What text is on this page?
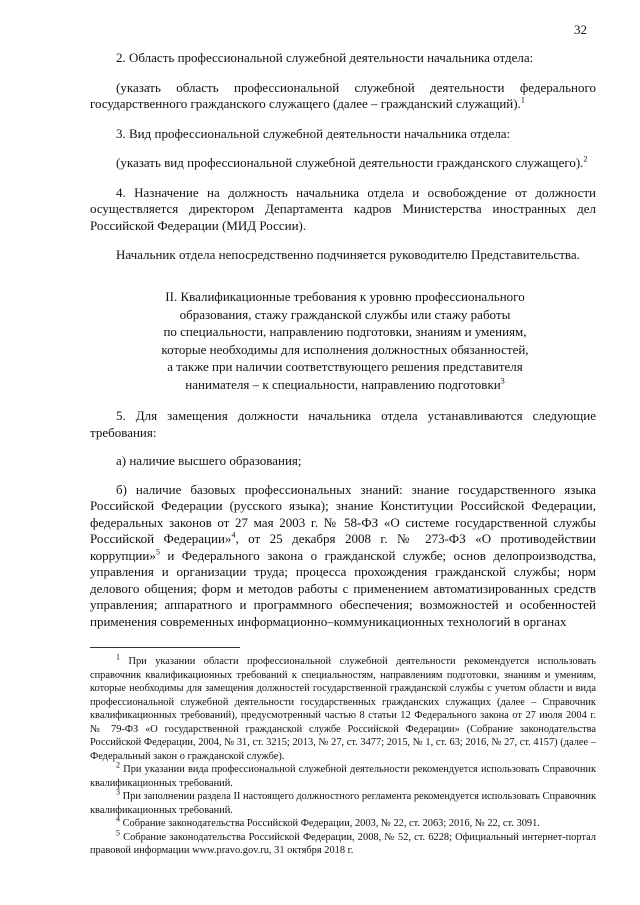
32

2. Область профессиональной служебной деятельности начальника отдела:

(указать область профессиональной служебной деятельности федерального государственного гражданского служащего (далее – гражданский служащий).$^1$

3. Вид профессиональной служебной деятельности начальника отдела:

(указать вид профессиональной служебной деятельности гражданского служащего).$^2$

4. Назначение на должность начальника отдела и освобождение от должности осуществляется директором Департамента кадров Министерства иностранных дел Российской Федерации (МИД России).

Начальник отдела непосредственно подчиняется руководителю Представительства.

II. Квалификационные требования к уровню профессионального
образования, стажу гражданской службы или стажу работы
по специальности, направлению подготовки, знаниям и умениям,
которые необходимы для исполнения должностных обязанностей,
а также при наличии соответствующего решения представителя
нанимателя – к специальности, направлению подготовки$^3$

5. Для замещения должности начальника отдела устанавливаются следующие требования:

а) наличие высшего образования;

б) наличие базовых профессиональных знаний: знание государственного языка Российской Федерации (русского языка); знание Конституции Российской Федерации, федеральных законов от 27 мая 2003 г. № 58-ФЗ «О системе государственной службы Российской Федерации»$^4$, от 25 декабря 2008 г. № 273-ФЗ «О противодействии коррупции»$^5$ и Федерального закона о гражданской службе; основ делопроизводства, управления и организации труда; процесса прохождения гражданской службы; норм делового общения; форм и методов работы с применением автоматизированных средств управления; аппаратного и программного обеспечения; возможностей и особенностей применения современных информационно–коммуникационных технологий в органах

$^1$ При указании области профессиональной служебной деятельности рекомендуется использовать справочник квалификационных требований к специальностям, направлениям подготовки, знаниям и умениям, которые необходимы для замещения должностей государственной гражданской службы с учетом области и вида профессиональной служебной деятельности государственных гражданских служащих (далее – Справочник квалификационных требований), предусмотренный частью 8 статьи 12 Федерального закона от 27 июля 2004 г. № 79-ФЗ «О государственной гражданской службе Российской Федерации» (Собрание законодательства Российской Федерации, 2004, № 31, ст. 3215; 2013, № 27, ст. 3477; 2015, № 1, ст. 63; 2016, № 27, ст. 4157) (далее – Федеральный закон о гражданской службе).

$^2$ При указании вида профессиональной служебной деятельности рекомендуется использовать Справочник квалификационных требований.

$^3$ При заполнении раздела II настоящего должностного регламента рекомендуется использовать Справочник квалификационных требований.

$^4$ Собрание законодательства Российской Федерации, 2003, № 22, ст. 2063; 2016, № 22, ст. 3091.

$^5$ Собрание законодательства Российской Федерации, 2008, № 52, ст. 6228; Официальный интернет-портал правовой информации www.pravo.gov.ru, 31 октября 2018 г.
